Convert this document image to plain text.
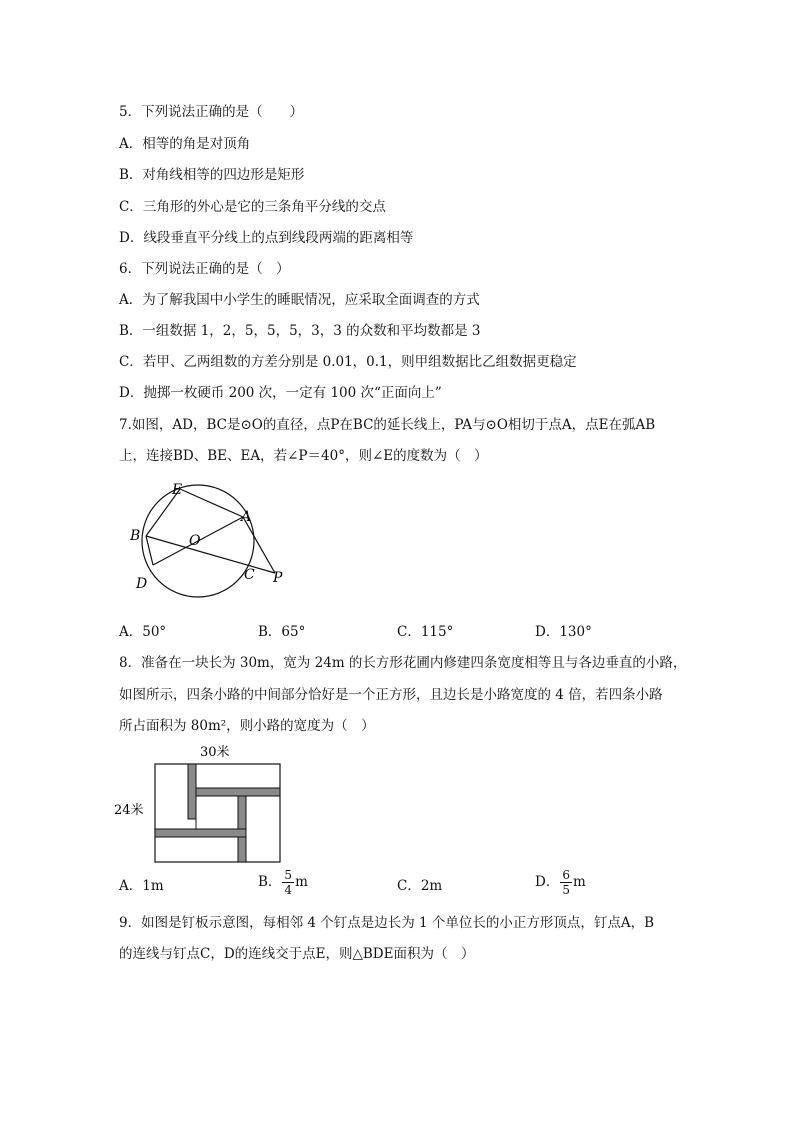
5．下列说法正确的是（　　）
A．相等的角是对顶角
B．对角线相等的四边形是矩形
C．三角形的外心是它的三条角平分线的交点
D．线段垂直平分线上的点到线段两端的距离相等
6．下列说法正确的是（　）
A．为了解我国中小学生的睡眠情况，应采取全面调查的方式
B．一组数据 1，2，5，5，5，3，3 的众数和平均数都是 3
C．若甲、乙两组数的方差分别是 0.01，0.1，则甲组数据比乙组数据更稳定
D．抛掷一枚硬币 200 次，一定有 100 次“正面向上”
7.如图，AD，BC是⊙O的直径，点P在BC的延长线上，PA与⊙O相切于点A，点E在弧AB
上，连接BD、BE、EA，若∠P＝40°，则∠E的度数为（　）
E
A
B	O
D
C P
A．50°	B．65°	C．115°	D．130°
8．准备在一块长为 30m，宽为 24m 的长方形花圃内修建四条宽度相等且与各边垂直的小路，
如图所示，四条小路的中间部分恰好是一个正方形，且边长是小路宽度的 4 倍，若四条小路
所占面积为 80m²，则小路的宽度为（　）
30米
24米
A．1m	B． $\frac{5}{4}$ m	C．2m	D． $\frac{6}{5}$ m
9．如图是钉板示意图，每相邻 4 个钉点是边长为 1 个单位长的小正方形顶点，钉点A，B
的连线与钉点C，D的连线交于点E，则△BDE面积为（　）
